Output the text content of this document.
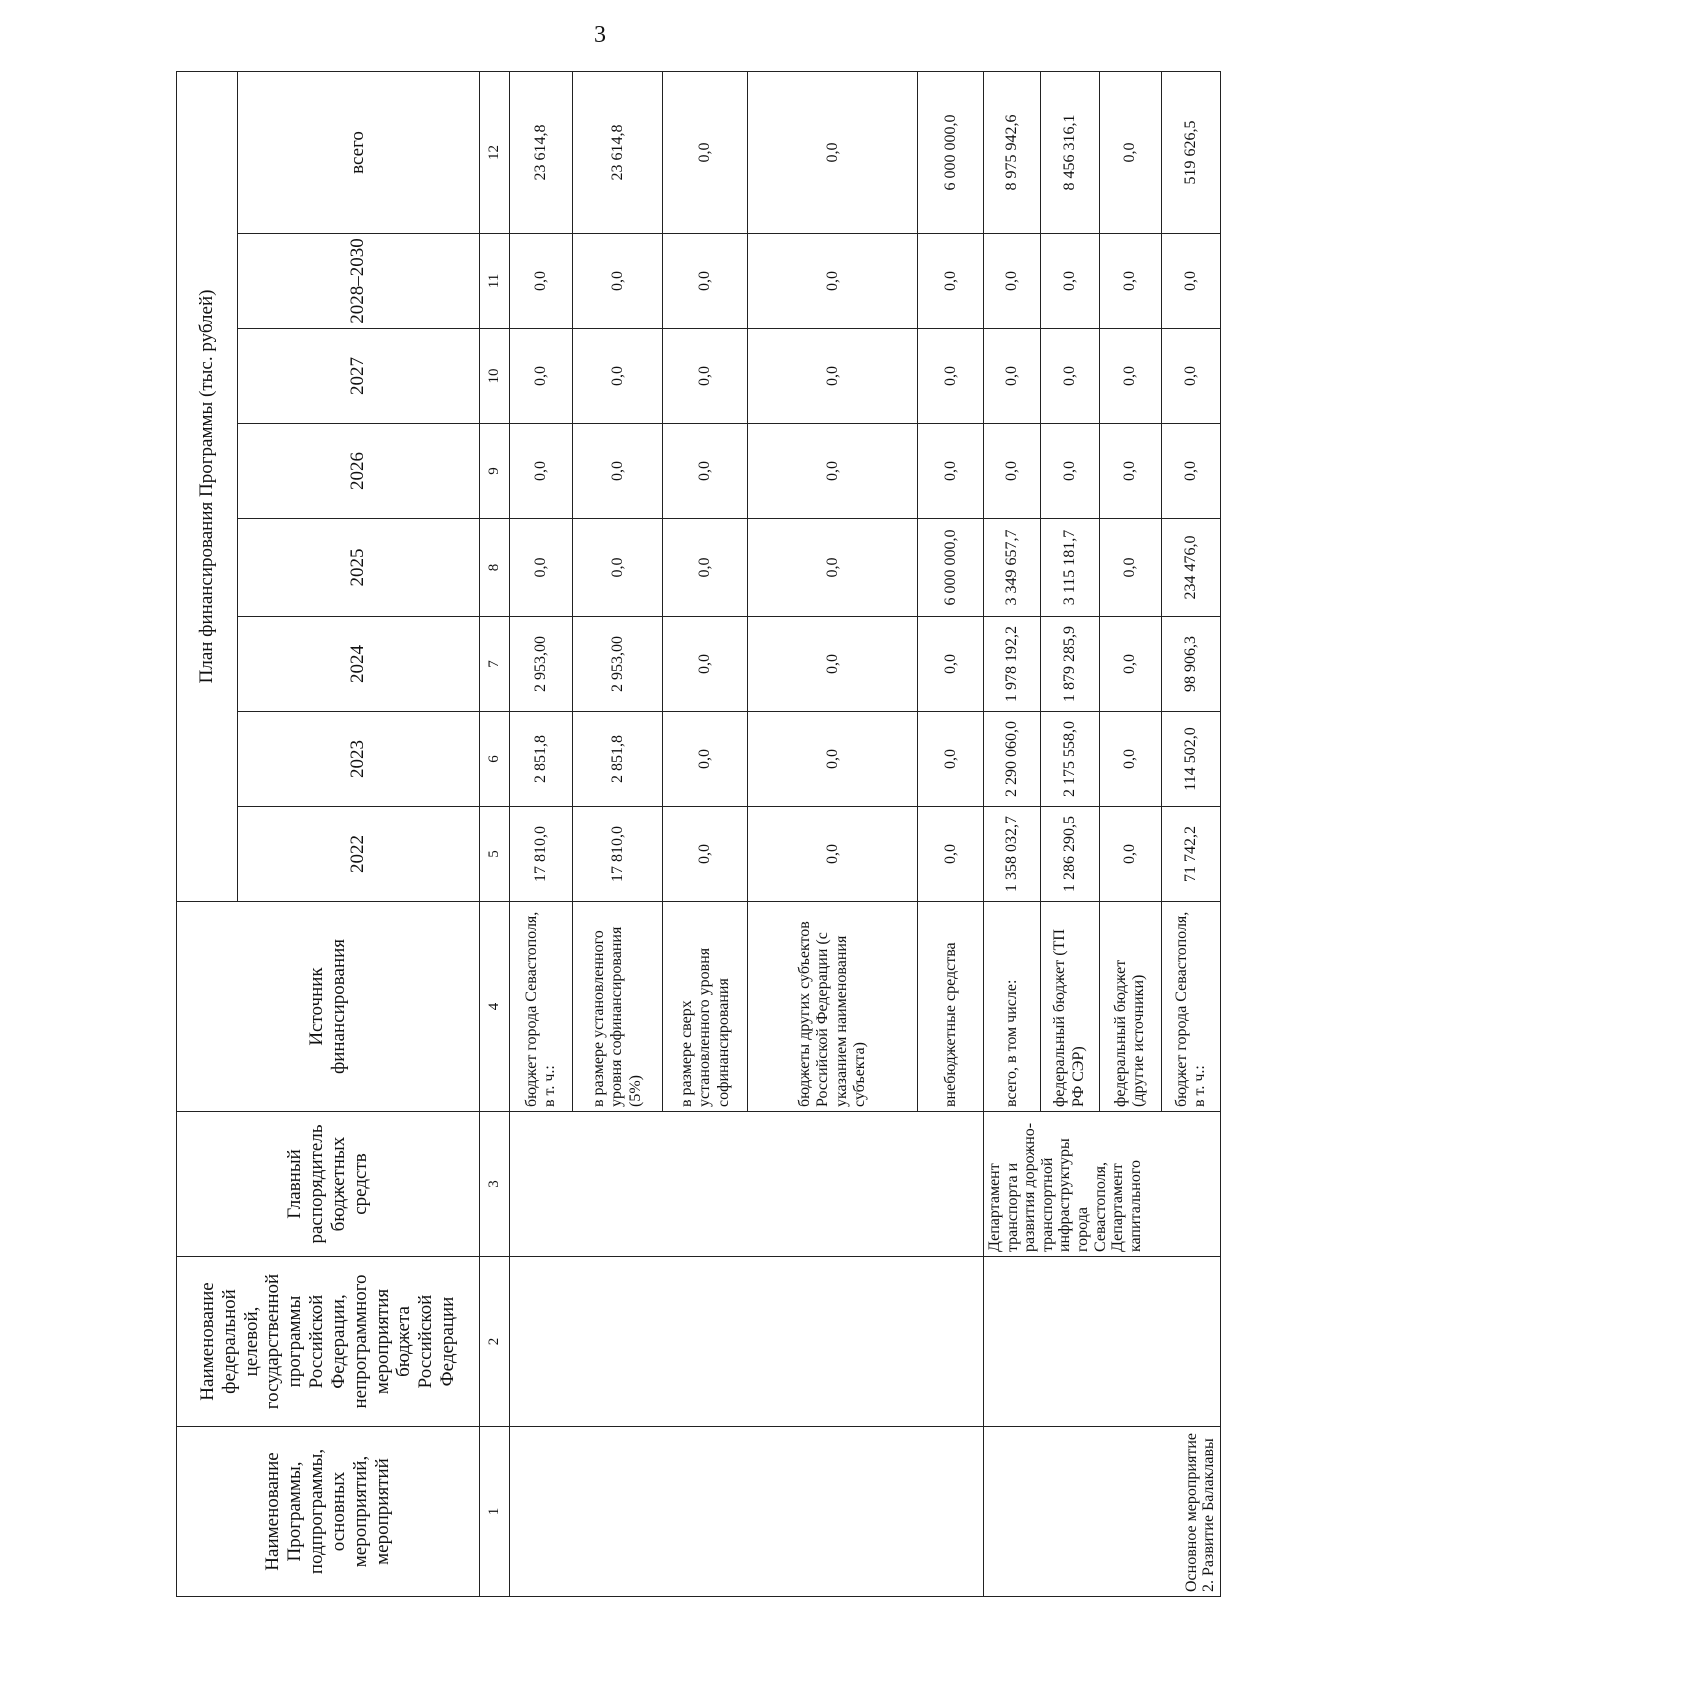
3
Наименование Программы, подпрограммы, основных мероприятий, мероприятий	Наименование федеральной целевой, государственной программы Российской Федерации, непрограммного мероприятия бюджета Российской Федерации	Главный распорядитель бюджетных средств	Источник финансирования	План финансирования Программы (тыс. рублей)							
				2022	2023	2024	2025	2026	2027	2028–2030	всего
1	2	3	4	5	6	7	8	9	10	11	12
			бюджет города Севастополя, в т. ч.:	17 810,0	2 851,8	2 953,00	0,0	0,0	0,0	0,0	23 614,8
			в размере установленного уровня софинансирования (5%)	17 810,0	2 851,8	2 953,00	0,0	0,0	0,0	0,0	23 614,8
			в размере сверх установленного уровня софинансирования	0,0	0,0	0,0	0,0	0,0	0,0	0,0	0,0
			бюджеты других субъектов Российской Федерации (с указанием наименования субъекта)	0,0	0,0	0,0	0,0	0,0	0,0	0,0	0,0
			внебюджетные средства	0,0	0,0	0,0	6 000 000,0	0,0	0,0	0,0	6 000 000,0
Основное мероприятие 2. Развитие Балаклавы		Департамент транспорта и развития дорожно-транспортной инфраструктуры города Севастополя, Департамент капитального	всего, в том числе:	1 358 032,7	2 290 060,0	1 978 192,2	3 349 657,7	0,0	0,0	0,0	8 975 942,6
			федеральный бюджет (ТП РФ СЭР)	1 286 290,5	2 175 558,0	1 879 285,9	3 115 181,7	0,0	0,0	0,0	8 456 316,1
			федеральный бюджет (другие источники)	0,0	0,0	0,0	0,0	0,0	0,0	0,0	0,0
			бюджет города Севастополя, в т. ч.:	71 742,2	114 502,0	98 906,3	234 476,0	0,0	0,0	0,0	519 626,5
